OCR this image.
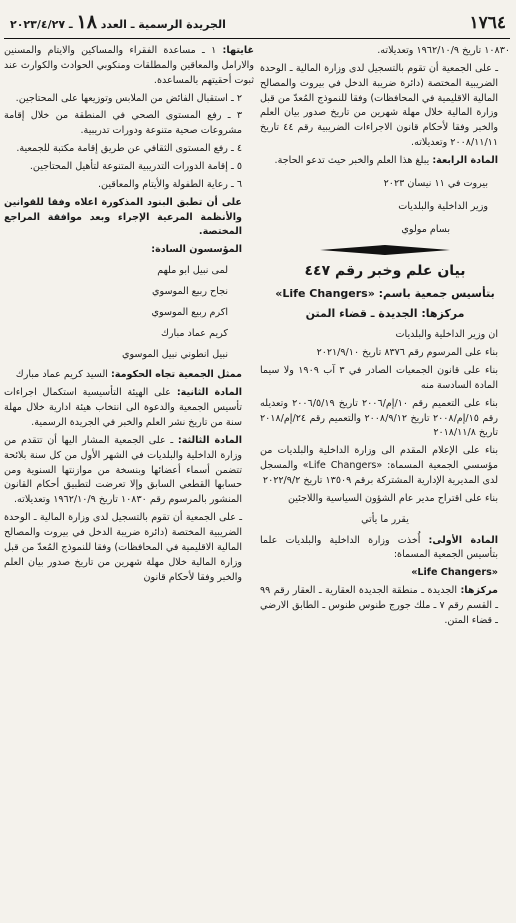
١٧٦٤
الجريدة الرسمية ـ العدد ١٨ ـ ٢٠٢٣/٤/٢٧

١٠٨٣٠ تاريخ ١٩٦٢/١٠/٩ وتعديلاته.

ـ على الجمعية أن تقوم بالتسجيل لدى وزارة المالية ـ الوحدة الضريبية المختصة (دائرة ضريبة الدخل في بيروت والمصالح المالية الاقليمية في المحافظات) وفقا للنموذج المُعدّ من قبل وزارة المالية خلال مهلة شهرين من تاريخ صدور بيان العلم والخبر وفقا لأحكام قانون الاجراءات الضريبية رقم ٤٤ تاريخ ٢٠٠٨/١١/١١ وتعديلاته.

المادة الرابعة: يبلغ هذا العلم والخبر حيث تدعو الحاجة.

بيروت في ١١ نيسان ٢٠٢٣

وزير الداخلية والبلديات

بسام مولوي

بيان علم وخبر رقم ٤٤٧

بتأسيس جمعية باسم: «Life Changers»

مركزها: الجديدة ـ قضاء المتن

ان وزير الداخلية والبلديات

بناء على المرسوم رقم ٨٣٧٦ تاريخ ٢٠٢١/٩/١٠

بناء على قانون الجمعيات الصادر في ٣ آب ١٩٠٩ ولا سيما المادة السادسة منه

بناء على التعميم رقم ١٠/إم/٢٠٠٦ تاريخ ٢٠٠٦/٥/١٩ وتعديله رقم ١٥/إم/٢٠٠٨ تاريخ ٢٠٠٨/٩/١٢ والتعميم رقم ٢٤/إم/٢٠١٨ تاريخ ٢٠١٨/١١/٨

بناء على الإعلام المقدم الى وزارة الداخلية والبلديات من مؤسسي الجمعية المسماة: «Life Changers» والمسجل لدى المديرية الإدارية المشتركة برقم ١٣٥٠٩ تاريخ ٢٠٢٢/٩/٢

بناء على اقتراح مدير عام الشؤون السياسية واللاجئين

يقرر ما يأتي

المادة الأولى: أُخذت وزارة الداخلية والبلديات علما بتأسيس الجمعية المسماة:

«Life Changers»

مركزها: الجديدة ـ منطقة الجديدة العقارية ـ العقار رقم ٩٩ ـ القسم رقم ٧ ـ ملك جورج طنوس طنوس ـ الطابق الارضي ـ قضاء المتن.

غايتها: ١ ـ مساعدة الفقراء والمساكين والايتام والمسنين والارامل والمعاقين والمطلقات ومنكوبي الحوادث والكوارث عند ثبوت أحقيتهم بالمساعدة.

٢ ـ استقبال الفائض من الملابس وتوزيعها على المحتاجين.

٣ ـ رفع المستوى الصحي في المنطقة من خلال إقامة مشروعات صحية متنوعة ودورات تدريبية.

٤ ـ رفع المستوى الثقافي عن طريق إقامة مكتبة للجمعية.

٥ ـ إقامة الدورات التدريبية المتنوعة لتأهيل المحتاجين.

٦ ـ رعاية الطفولة والأيتام والمعاقين.

على أن تطبق البنود المذكورة اعلاه وفقا للقوانين والأنظمة المرعية الإجراء وبعد موافقة المراجع المختصة.

المؤسسون السادة:

لمى نبيل ابو ملهم

نجاح ربيع الموسوي

اكرم ربيع الموسوي

كريم عماد مبارك

نبيل انطوني نبيل الموسوي

ممثل الجمعية تجاه الحكومة: السيد كريم عماد مبارك

المادة الثانية: على الهيئة التأسيسية استكمال اجراءات تأسيس الجمعية والدعوة الى انتخاب هيئة ادارية خلال مهلة سنة من تاريخ نشر العلم والخبر في الجريدة الرسمية.

المادة الثالثة: ـ على الجمعية المشار اليها أن تتقدم من وزارة الداخلية والبلديات في الشهر الأول من كل سنة بلائحة تتضمن أسماء أعضائها وبنسخة من موازنتها السنوية ومن حسابها القطعي السابق وإلا تعرضت لتطبيق أحكام القانون المنشور بالمرسوم رقم ١٠٨٣٠ تاريخ ١٩٦٢/١٠/٩ وتعديلاته.

ـ على الجمعية أن تقوم بالتسجيل لدى وزارة المالية ـ الوحدة الضريبية المختصة (دائرة ضريبة الدخل في بيروت والمصالح المالية الاقليمية في المحافظات) وفقا للنموذج المُعدّ من قبل وزارة المالية خلال مهلة شهرين من تاريخ صدور بيان العلم والخبر وفقا لأحكام قانون
